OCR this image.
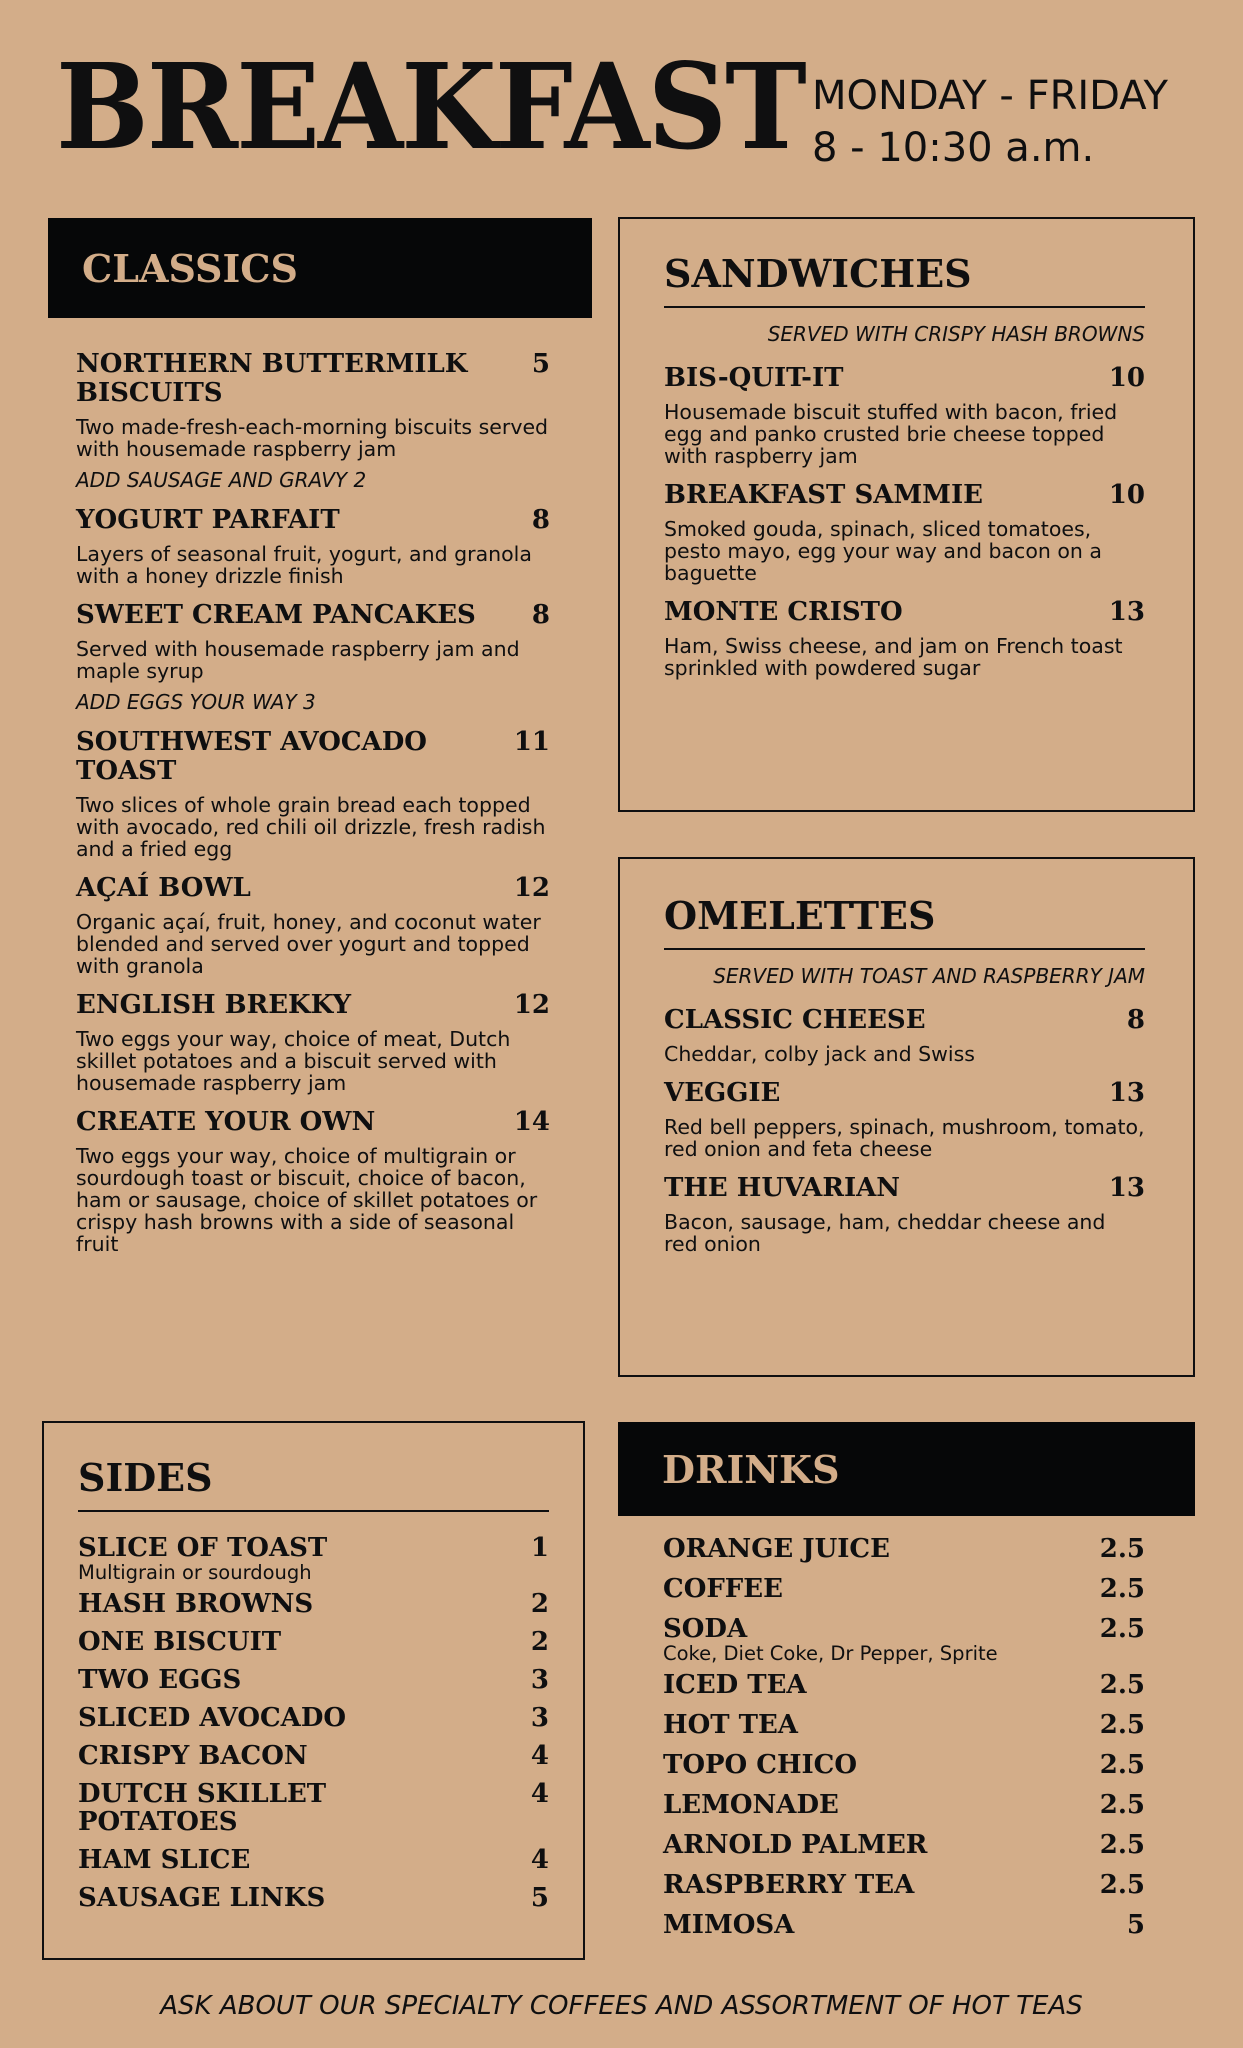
BREAKFAST MONDAY - FRIDAY
8 - 10:30 a.m.
CLASSICS
NORTHERN BUTTERMILK BISCUITS
5
Two made-fresh-each-morning biscuits served with housemade raspberry jam
ADD SAUSAGE AND GRAVY 2
YOGURT PARFAIT	8
Layers of seasonal fruit, yogurt, and granola with a honey drizzle finish
SWEET CREAM PANCAKES 8
Served with housemade raspberry jam and maple syrup
ADD EGGS YOUR WAY 3
SOUTHWEST AVOCADO TOAST
11
Two slices of whole grain bread each topped with avocado, red chili oil drizzle, fresh radish and a fried egg
AÇAÍ BOWL	12
Organic açaí, fruit, honey, and coconut water blended and served over yogurt and topped with granola
ENGLISH BREKKY	12
Two eggs your way, choice of meat, Dutch skillet potatoes and a biscuit served with housemade raspberry jam
CREATE YOUR OWN	14
Two eggs your way, choice of multigrain or sourdough toast or biscuit, choice of bacon, ham or sausage, choice of skillet potatoes or crispy hash browns with a side of seasonal fruit
SANDWICHES
SERVED WITH CRISPY HASH BROWNS
BIS-QUIT-IT	10
Housemade biscuit stuffed with bacon, fried egg and panko crusted brie cheese topped with raspberry jam
BREAKFAST SAMMIE	10
Smoked gouda, spinach, sliced tomatoes, pesto mayo, egg your way and bacon on a baguette
MONTE CRISTO	13
Ham, Swiss cheese, and jam on French toast sprinkled with powdered sugar
OMELETTES
SERVED WITH TOAST AND RASPBERRY JAM
CLASSIC CHEESE	8
Cheddar, colby jack and Swiss
VEGGIE	13
Red bell peppers, spinach, mushroom, tomato, red onion and feta cheese
THE HUVARIAN	13
Bacon, sausage, ham, cheddar cheese and red onion
SIDES
SLICE OF TOAST	1
Multigrain or sourdough
HASH BROWNS	2
ONE BISCUIT	2
TWO EGGS	3
SLICED AVOCADO	3
CRISPY BACON	4
DUTCH SKILLET POTATOES
4
HAM SLICE	4
SAUSAGE LINKS	5
DRINKS
ORANGE JUICE	2.5
COFFEE	2.5
SODA	2.5
Coke, Diet Coke, Dr Pepper, Sprite
ICED TEA	2.5
HOT TEA	2.5
TOPO CHICO	2.5
LEMONADE	2.5
ARNOLD PALMER	2.5
RASPBERRY TEA	2.5
MIMOSA	5
ASK ABOUT OUR SPECIALTY COFFEES AND ASSORTMENT OF HOT TEAS
